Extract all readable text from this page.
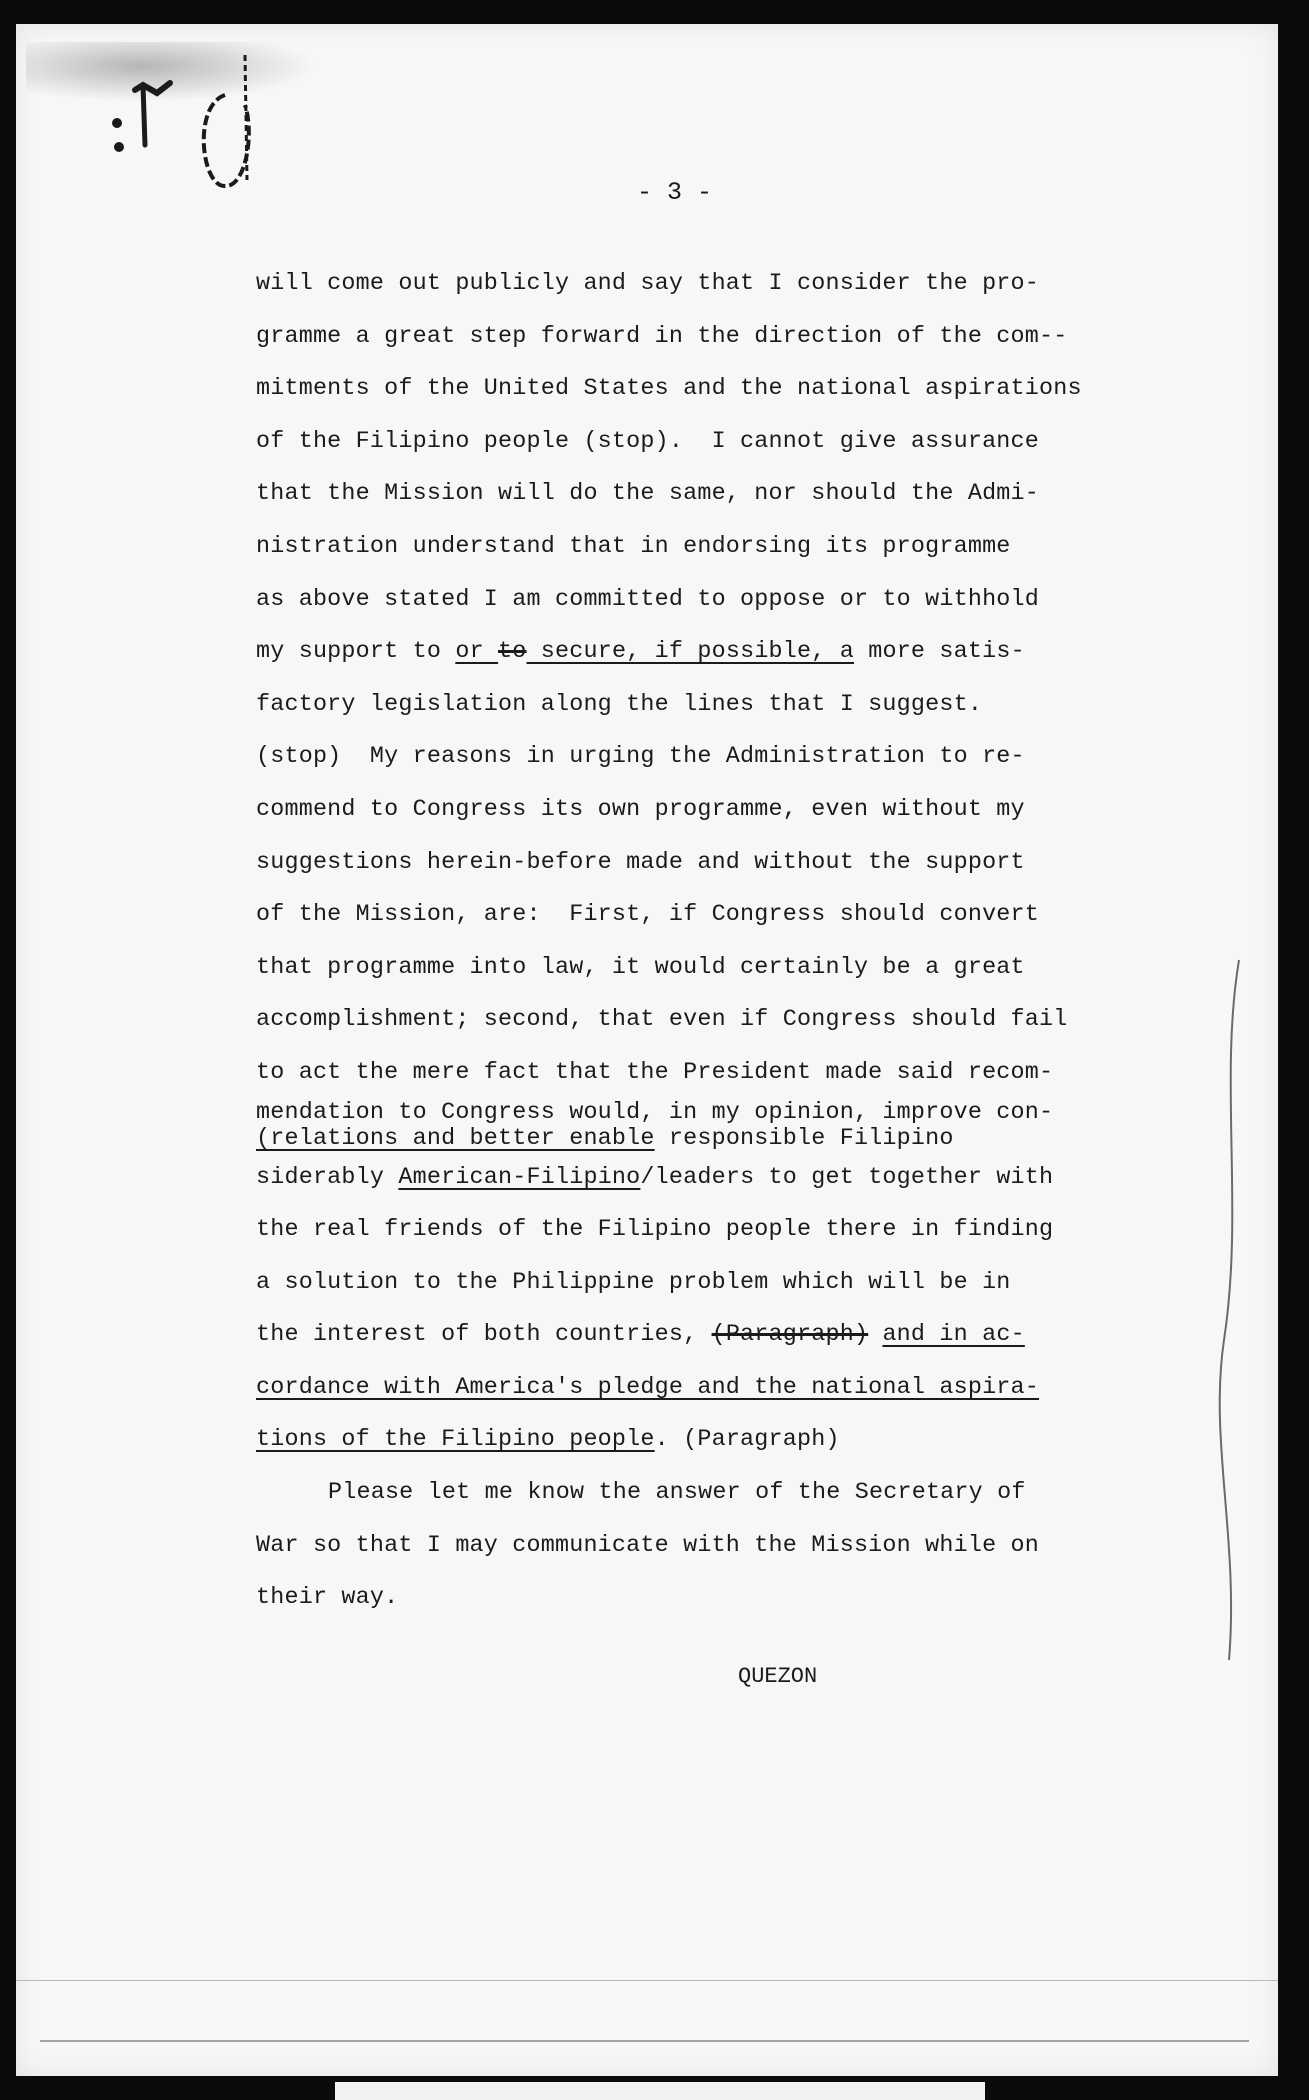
- 3 -
will come out publicly and say that I consider the pro-
gramme a great step forward in the direction of the com--
mitments of the United States and the national aspirations
of the Filipino people (stop).  I cannot give assurance
that the Mission will do the same, nor should the Admi-
nistration understand that in endorsing its programme
as above stated I am committed to oppose or to withhold
my support to or to secure, if possible, a more satis-
factory legislation along the lines that I suggest.
(stop)  My reasons in urging the Administration to re-
commend to Congress its own programme, even without my
suggestions herein-before made and without the support
of the Mission, are:  First, if Congress should convert
that programme into law, it would certainly be a great
accomplishment; second, that even if Congress should fail
to act the mere fact that the President made said recom-
mendation to Congress would, in my opinion, improve con-
(relations and better enable responsible Filipino
siderably American-Filipino/leaders to get together with
the real friends of the Filipino people there in finding
a solution to the Philippine problem which will be in
the interest of both countries, (Paragraph) and in ac-
cordance with America's pledge and the national aspira-
tions of the Filipino people. (Paragraph)
Please let me know the answer of the Secretary of
War so that I may communicate with the Mission while on
their way.
QUEZON
